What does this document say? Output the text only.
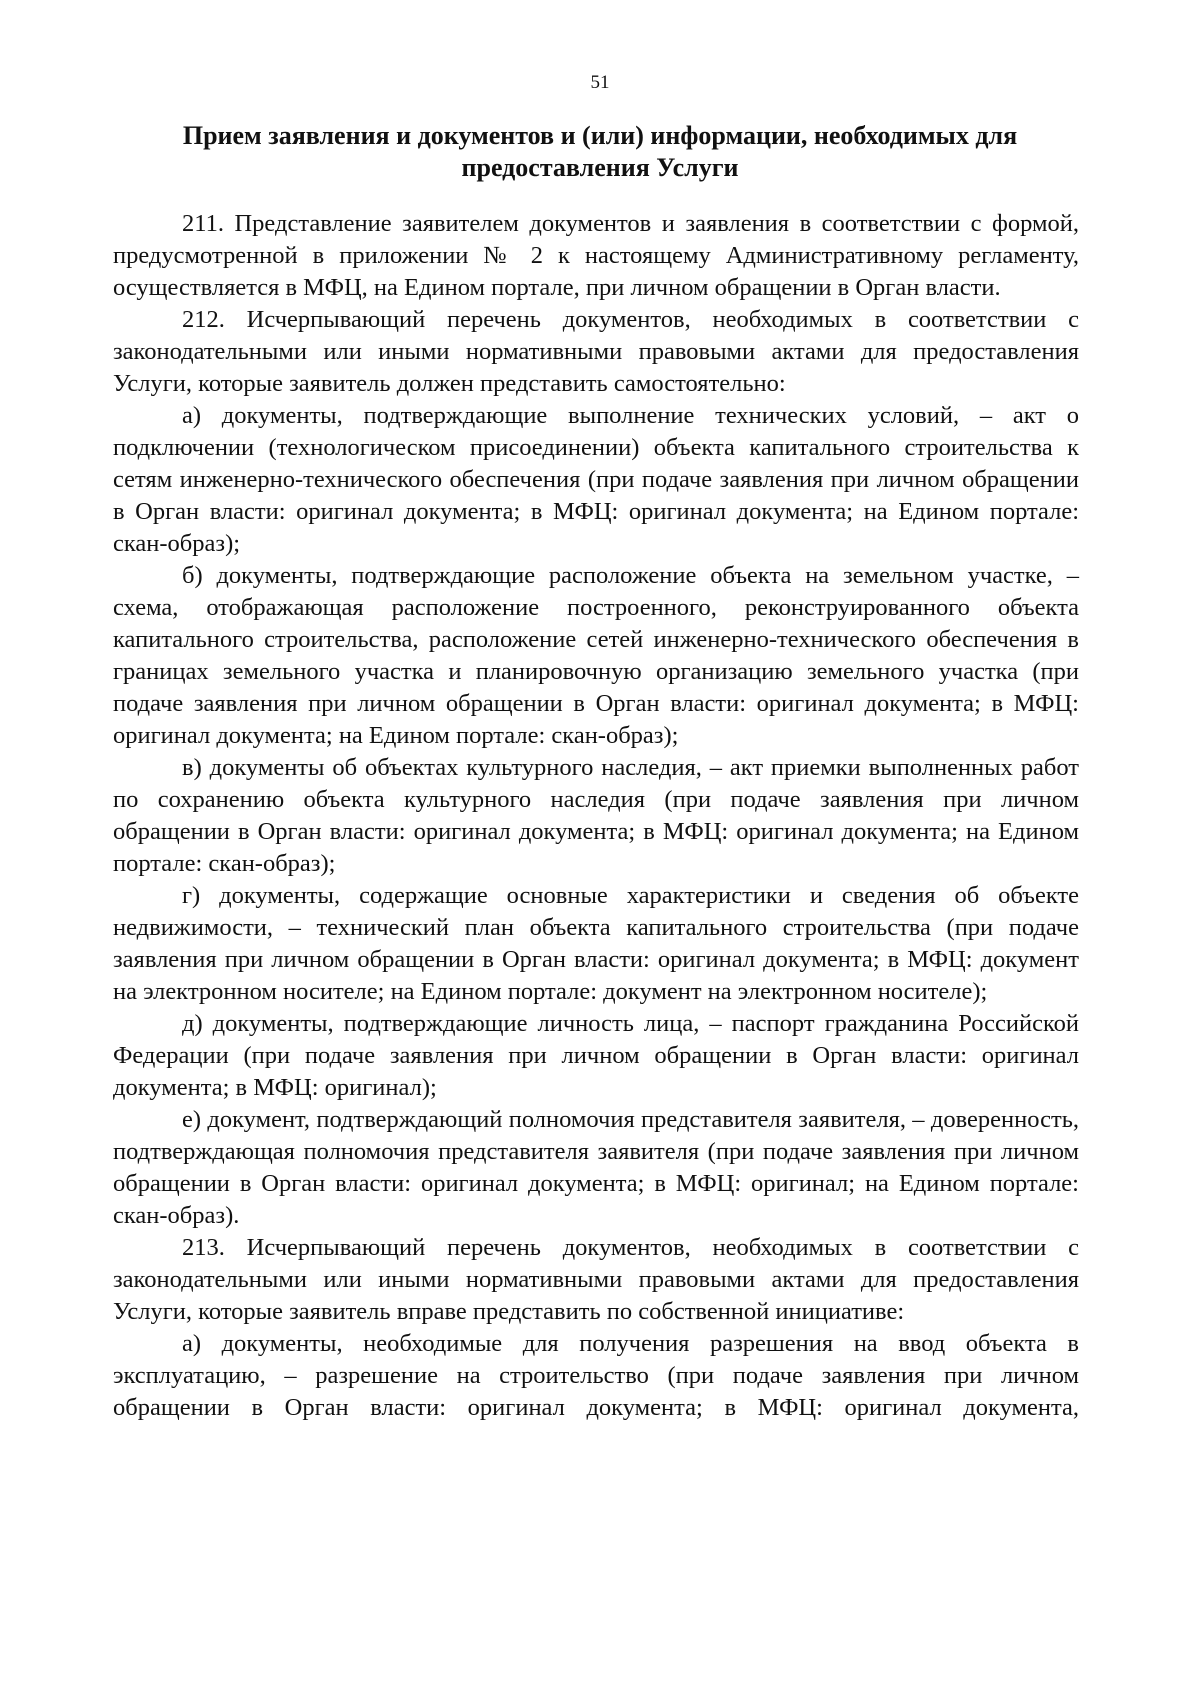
51
Прием заявления и документов и (или) информации, необходимых для предоставления Услуги

211. Представление заявителем документов и заявления в соответствии с формой, предусмотренной в приложении № 2 к настоящему Административному регламенту, осуществляется в МФЦ, на Едином портале, при личном обращении в Орган власти.

212. Исчерпывающий перечень документов, необходимых в соответствии с законодательными или иными нормативными правовыми актами для предоставления Услуги, которые заявитель должен представить самостоятельно:

а) документы, подтверждающие выполнение технических условий, – акт о подключении (технологическом присоединении) объекта капитального строительства к сетям инженерно-технического обеспечения (при подаче заявления при личном обращении в Орган власти: оригинал документа; в МФЦ: оригинал документа; на Едином портале: скан-образ);

б) документы, подтверждающие расположение объекта на земельном участке, – схема, отображающая расположение построенного, реконструированного объекта капитального строительства, расположение сетей инженерно-технического обеспечения в границах земельного участка и планировочную организацию земельного участка (при подаче заявления при личном обращении в Орган власти: оригинал документа; в МФЦ: оригинал документа; на Едином портале: скан-образ);

в) документы об объектах культурного наследия, – акт приемки выполненных работ по сохранению объекта культурного наследия (при подаче заявления при личном обращении в Орган власти: оригинал документа; в МФЦ: оригинал документа; на Едином портале: скан-образ);

г) документы, содержащие основные характеристики и сведения об объекте недвижимости, – технический план объекта капитального строительства (при подаче заявления при личном обращении в Орган власти: оригинал документа; в МФЦ: документ на электронном носителе; на Едином портале: документ на электронном носителе);

д) документы, подтверждающие личность лица, – паспорт гражданина Российской Федерации (при подаче заявления при личном обращении в Орган власти: оригинал документа; в МФЦ: оригинал);

е) документ, подтверждающий полномочия представителя заявителя, – доверенность, подтверждающая полномочия представителя заявителя (при подаче заявления при личном обращении в Орган власти: оригинал документа; в МФЦ: оригинал; на Едином портале: скан-образ).

213. Исчерпывающий перечень документов, необходимых в соответствии с законодательными или иными нормативными правовыми актами для предоставления Услуги, которые заявитель вправе представить по собственной инициативе:

а) документы, необходимые для получения разрешения на ввод объекта в эксплуатацию, – разрешение на строительство (при подаче заявления при личном обращении в Орган власти: оригинал документа; в МФЦ: оригинал документа,
